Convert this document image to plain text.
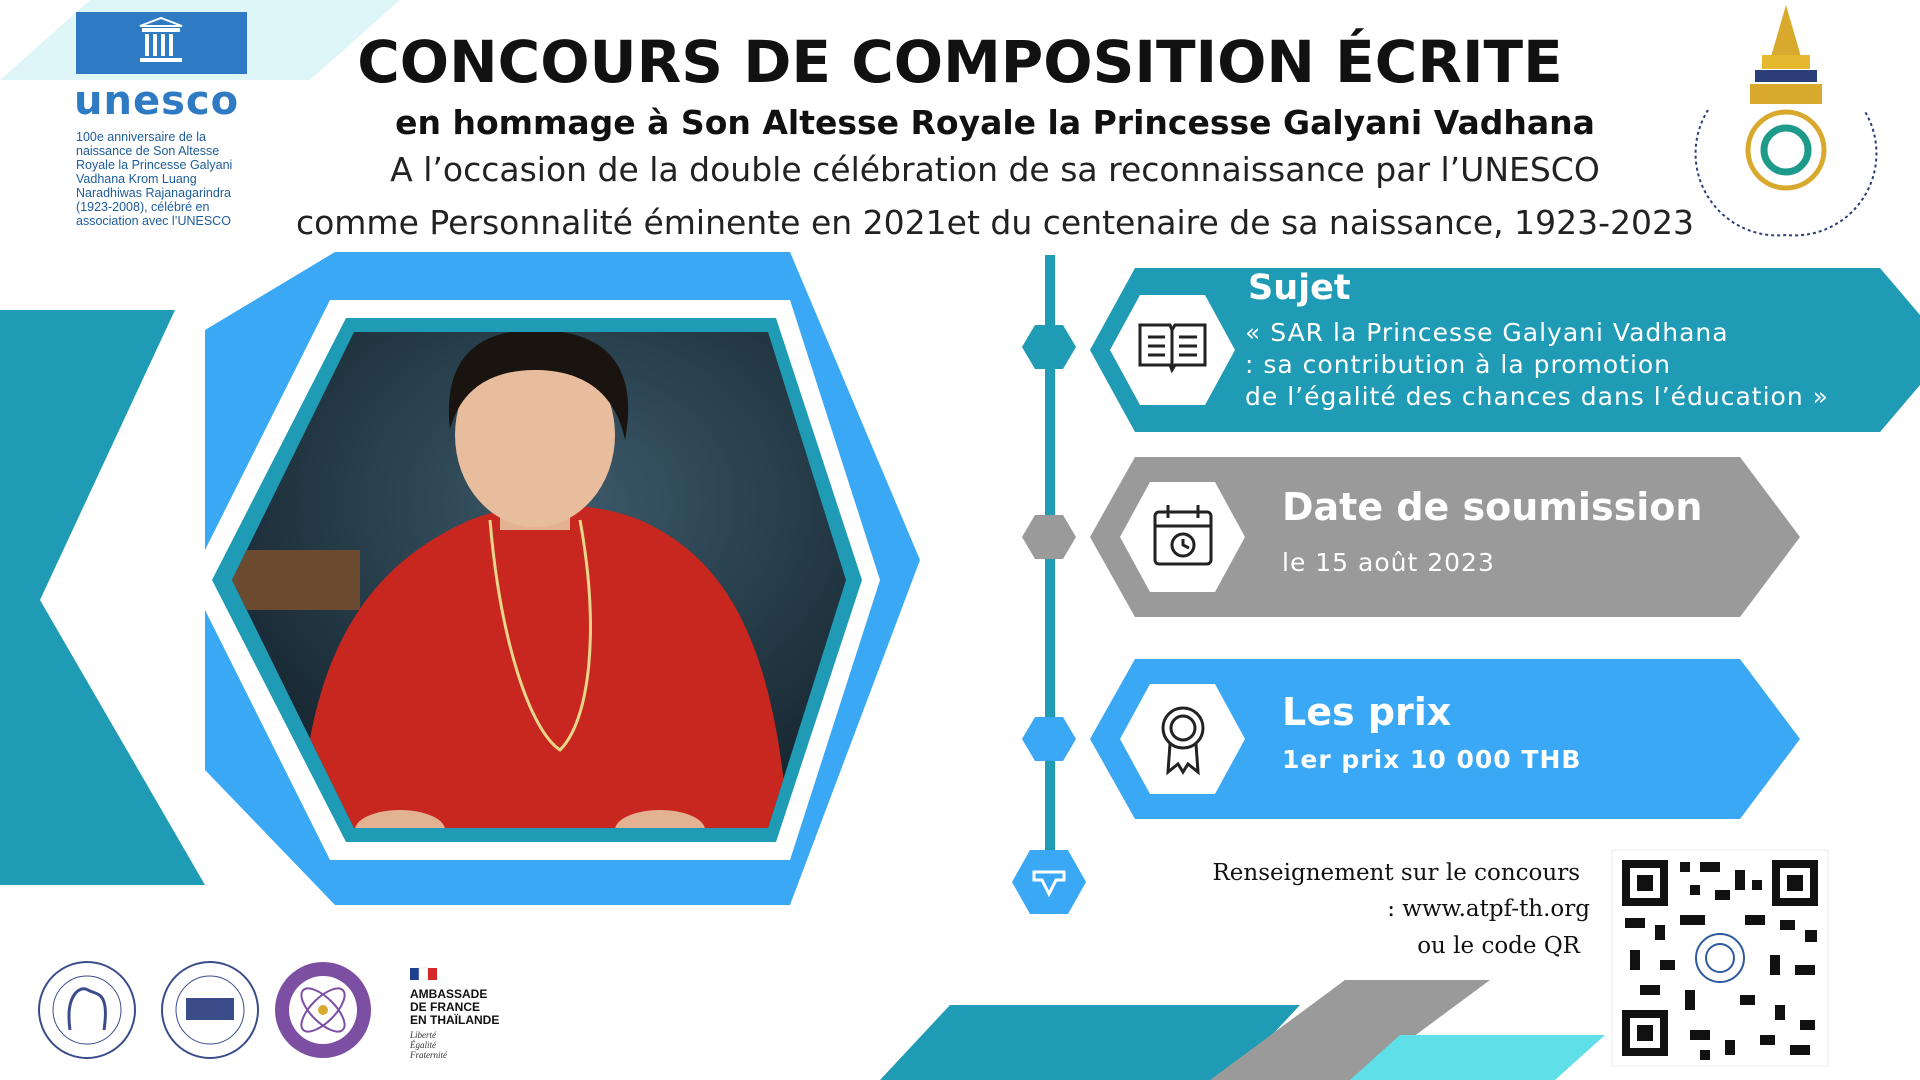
unesco
100e anniversaire de la naissance de Son Altesse Royale la Princesse Galyani Vadhana Krom Luang Naradhiwas Rajanagarindra (1923-2008), célébré en association avec l’UNESCO
CONCOURS DE COMPOSITION ÉCRITE
en hommage à Son Altesse Royale la Princesse Galyani Vadhana
A l’occasion de la double célébration de sa reconnaissance par l’UNESCO
comme Personnalité éminente en 2021et du centenaire de sa naissance, 1923-2023
Sujet
« SAR la Princesse Galyani Vadhana
: sa contribution à la promotion
de l’égalité des chances dans l’éducation »
Date de soumission
le 15 août 2023
Les prix
1er prix 10 000 THB
Renseignement sur le concours
: www.atpf-th.org
ou le code QR
AMBASSADE
DE FRANCE
EN THAÏLANDE
Liberté
Égalité
Fraternité
